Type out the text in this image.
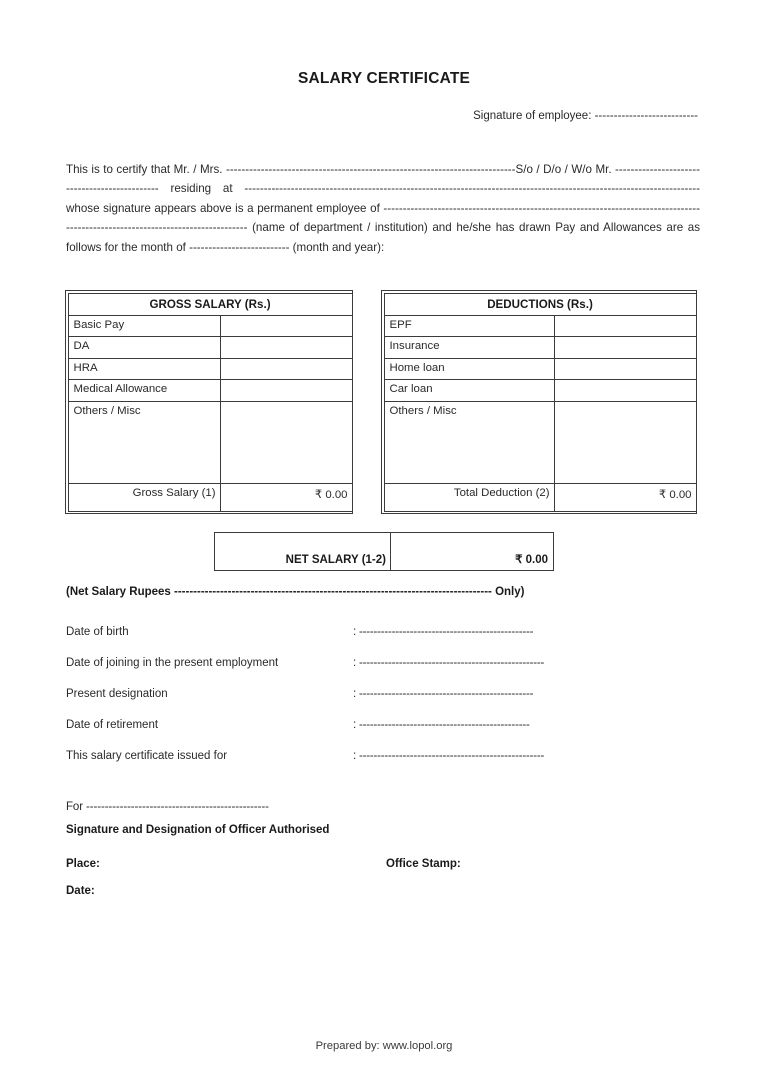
SALARY CERTIFICATE
Signature of employee: ---------------------------
This is to certify that Mr. / Mrs. ---------------------------------------------------------------------------S/o / D/o / W/o Mr. ---------------------------------------------- residing at ----------------------------------------------------------------------------------------------------------------------whose signature appears above is a permanent employee of --------------------------------------------------------------------------------------------------------------------------------- (name of department / institution) and he/she has drawn Pay and Allowances are as follows for the month of -------------------------- (month and year):
GROSS SALARY (Rs.)	
Basic Pay	
DA	
HRA	
Medical Allowance	
Others / Misc	
Gross Salary (1)	₹ 0.00
DEDUCTIONS (Rs.)	
EPF	
Insurance	
Home loan	
Car loan	
Others / Misc	
Total Deduction (2)	₹ 0.00
NET SALARY (1-2)	₹ 0.00
(Net Salary Rupees ----------------------------------------------------------------------------------- Only)
Date of birth	: ------------------------------------------------
Date of joining in the present employment	: ---------------------------------------------------
Present designation	: ------------------------------------------------
Date of retirement	: -----------------------------------------------
This salary certificate issued for	: ---------------------------------------------------
For -------------------------------------------------
Signature and Designation of Officer Authorised
Place:	Office Stamp:
Date:
Prepared by: www.lopol.org
